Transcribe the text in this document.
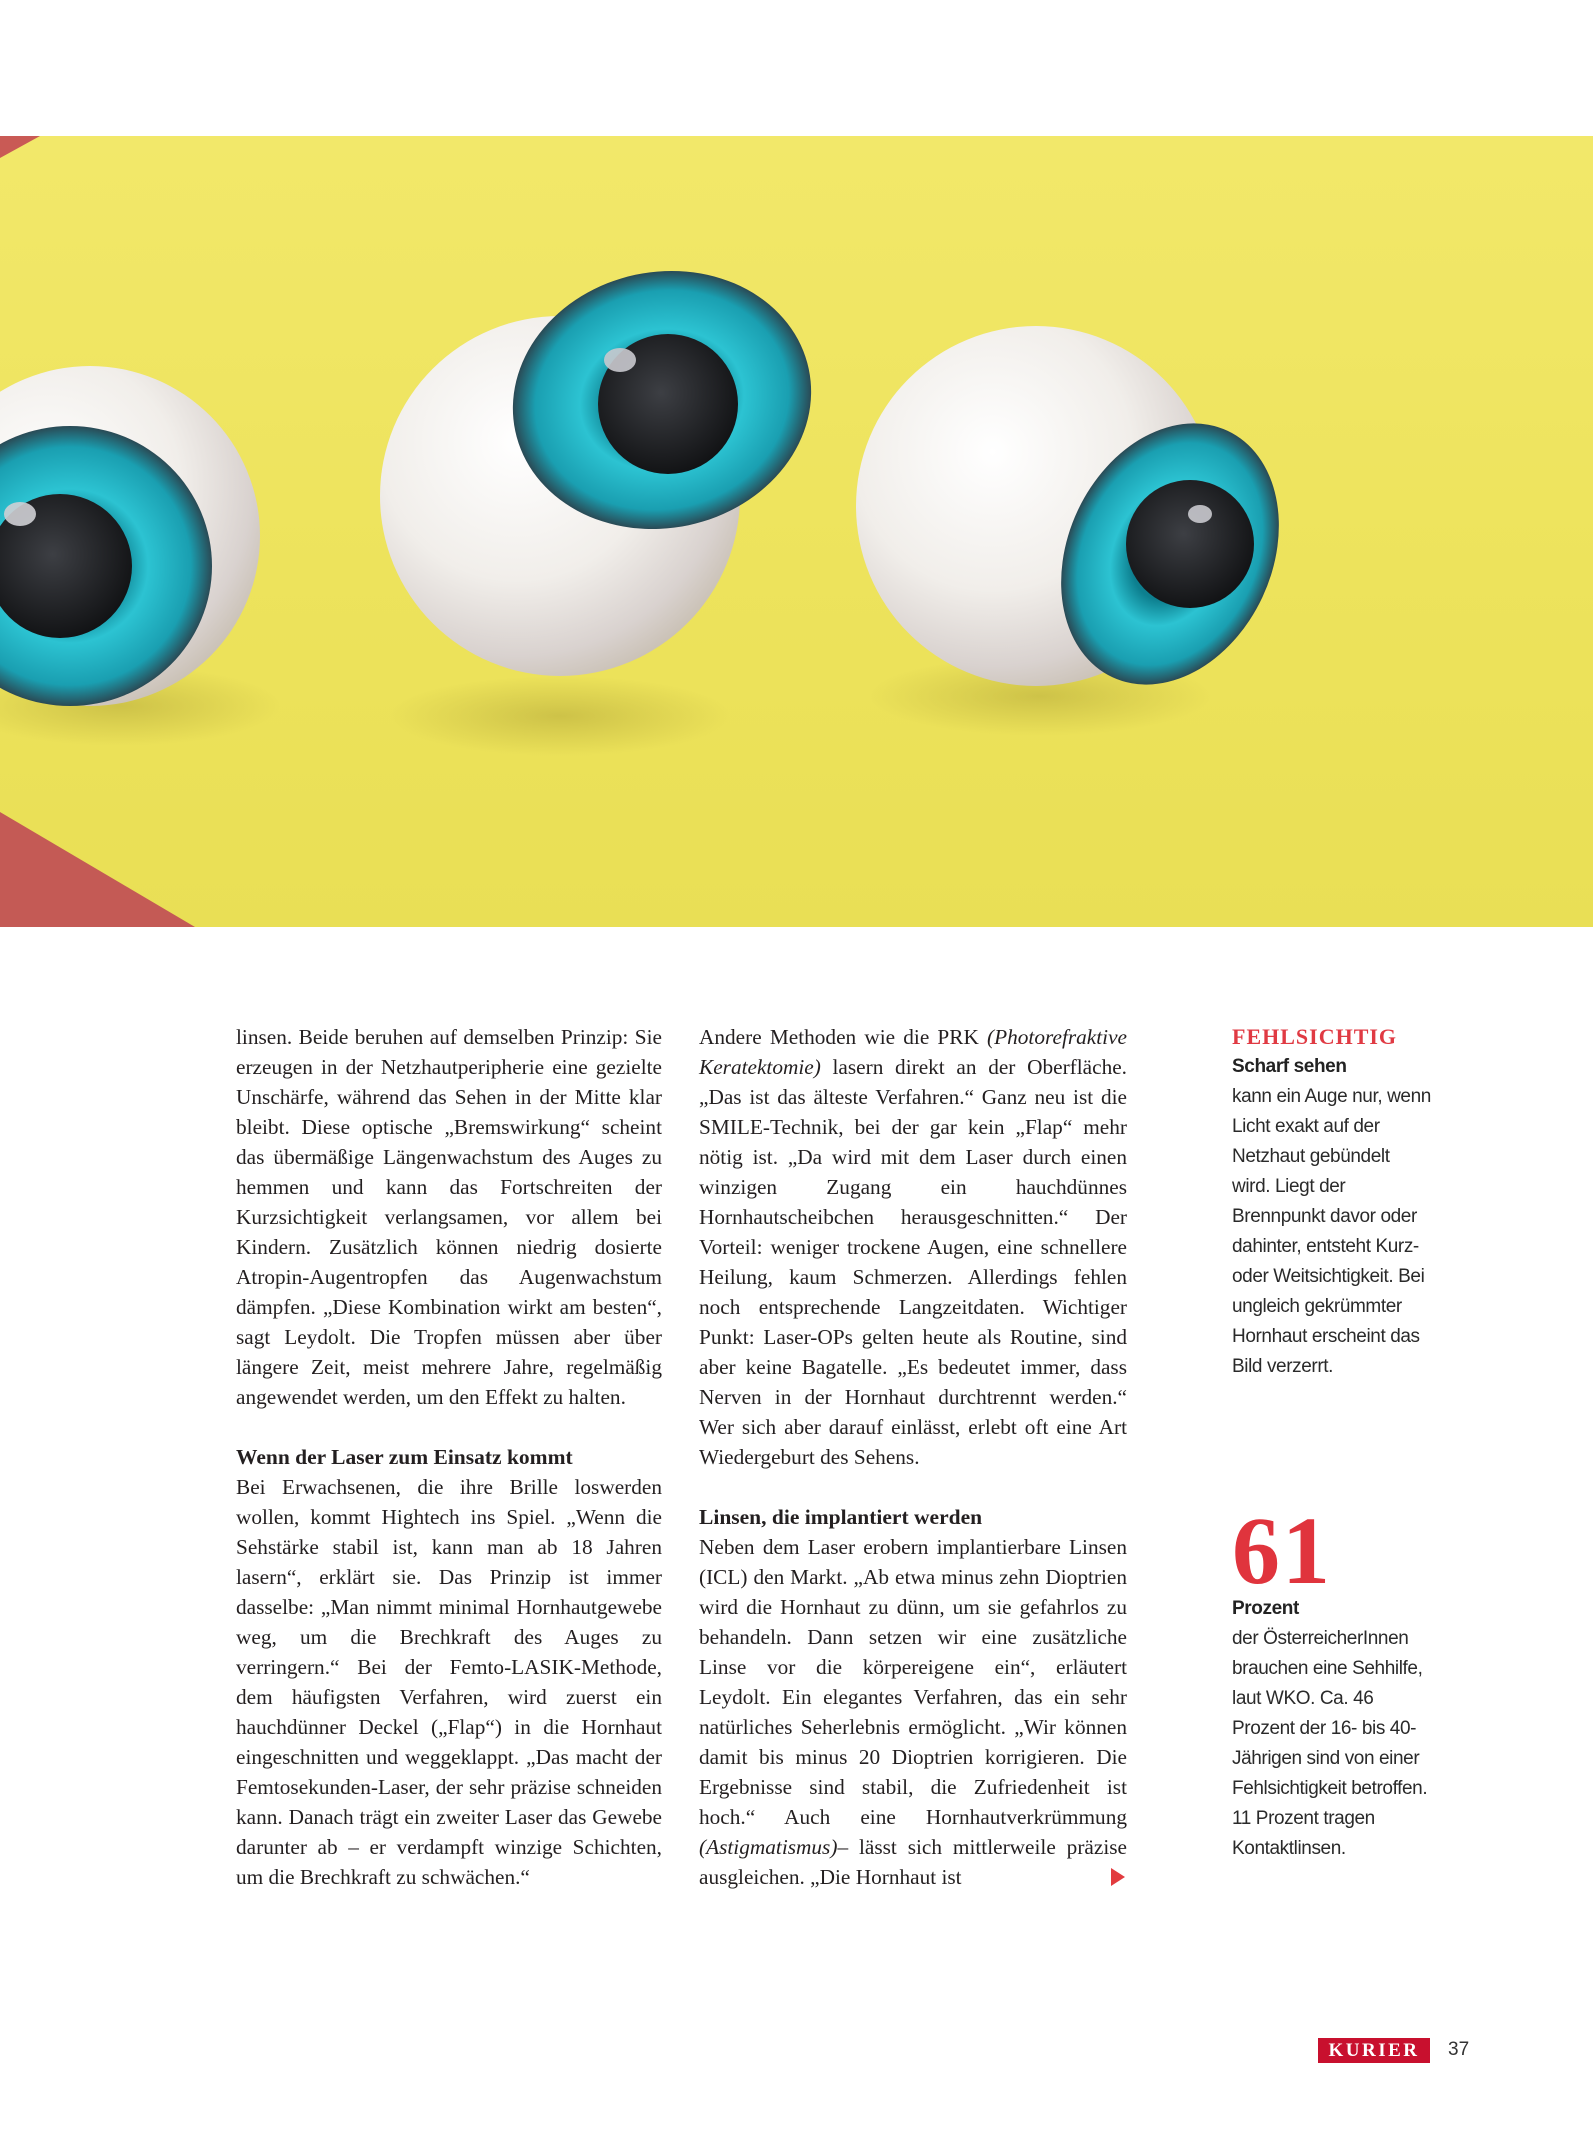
linsen. Beide beruhen auf demselben Prinzip: Sie erzeugen in der Netzhautperipherie eine gezielte Unschärfe, während das Sehen in der Mitte klar bleibt. Diese optische „Bremswirkung“ scheint das übermäßige Längenwachstum des Auges zu hemmen und kann das Fortschreiten der Kurzsichtigkeit verlangsamen, vor allem bei Kindern. Zusätzlich können niedrig dosierte Atropin-Augentropfen das Augenwachstum dämpfen. „Diese Kombination wirkt am besten“, sagt Leydolt. Die Tropfen müssen aber über längere Zeit, meist mehrere Jahre, regelmäßig angewendet werden, um den Effekt zu halten.

Wenn der Laser zum Einsatz kommt

Bei Erwachsenen, die ihre Brille loswerden wollen, kommt Hightech ins Spiel. „Wenn die Sehstärke stabil ist, kann man ab 18 Jahren lasern“, erklärt sie. Das Prinzip ist immer dasselbe: „Man nimmt minimal Hornhautgewebe weg, um die Brechkraft des Auges zu verringern.“ Bei der Femto-LASIK-Methode, dem häufigsten Verfahren, wird zuerst ein hauchdünner Deckel („Flap“) in die Hornhaut eingeschnitten und weggeklappt. „Das macht der Femtosekunden-Laser, der sehr präzise schneiden kann. Danach trägt ein zweiter Laser das Gewebe darunter ab – er verdampft winzige Schichten, um die Brechkraft zu schwächen.“

Andere Methoden wie die PRK (Photorefraktive Keratektomie) lasern direkt an der Oberfläche. „Das ist das älteste Verfahren.“ Ganz neu ist die SMILE-Technik, bei der gar kein „Flap“ mehr nötig ist. „Da wird mit dem Laser durch einen winzigen Zugang ein hauchdünnes Hornhautscheibchen herausgeschnitten.“ Der Vorteil: weniger trockene Augen, eine schnellere Heilung, kaum Schmerzen. Allerdings fehlen noch entsprechende Langzeitdaten. Wichtiger Punkt: Laser-OPs gelten heute als Routine, sind aber keine Bagatelle. „Es bedeutet immer, dass Nerven in der Hornhaut durchtrennt werden.“ Wer sich aber darauf einlässt, erlebt oft eine Art Wiedergeburt des Sehens.

Linsen, die implantiert werden

Neben dem Laser erobern implantierbare Linsen (ICL) den Markt. „Ab etwa minus zehn Dioptrien wird die Hornhaut zu dünn, um sie gefahrlos zu behandeln. Dann setzen wir eine zusätzliche Linse vor die körpereigene ein“, erläutert Leydolt. Ein elegantes Verfahren, das ein sehr natürliches Seherlebnis ermöglicht. „Wir können damit bis minus 20 Dioptrien korrigieren. Die Ergebnisse sind stabil, die Zufriedenheit ist hoch.“ Auch eine Hornhautverkrümmung (Astigmatismus)– lässt sich mittlerweile präzise ausgleichen. „Die Hornhaut ist

FEHLSICHTIG
Scharf sehen
kann ein Auge nur, wenn Licht exakt auf der Netzhaut gebündelt wird. Liegt der Brennpunkt davor oder dahinter, entsteht Kurz- oder Weitsichtigkeit. Bei ungleich gekrümmter Hornhaut erscheint das Bild verzerrt.
61
Prozent
der ÖsterreicherInnen brauchen eine Sehhilfe, laut WKO. Ca. 46 Prozent der 16- bis 40-Jährigen sind von einer Fehlsichtigkeit betroffen. 11 Prozent tragen Kontaktlinsen.
KURIER	37
